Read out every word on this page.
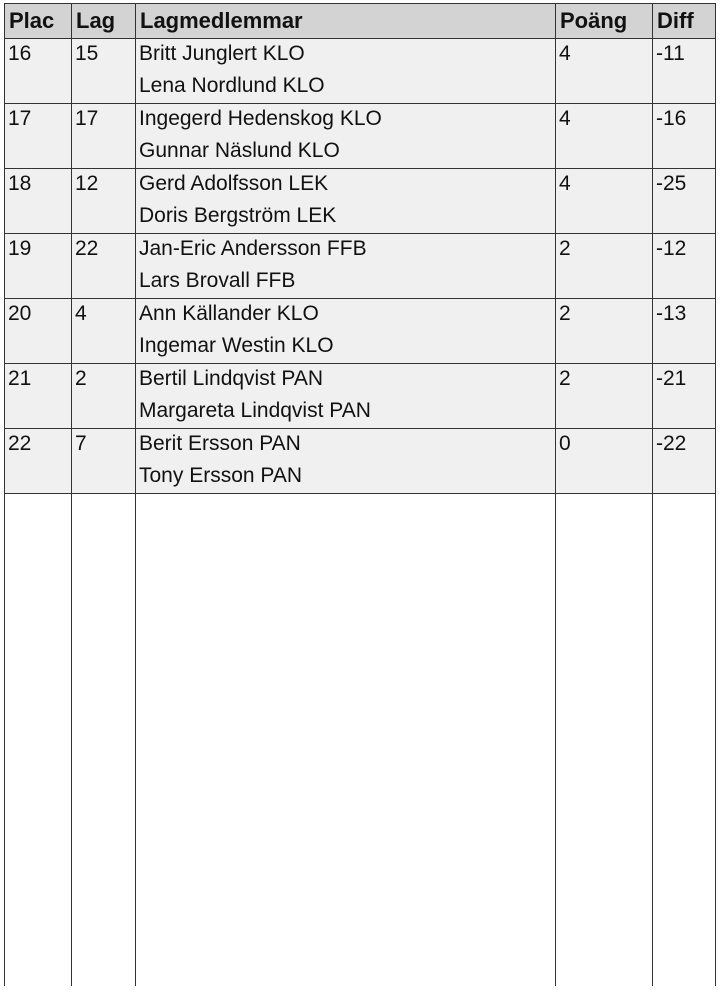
Plac	Lag	Lagmedlemmar	Poäng	Diff

16	15	Britt Junglert KLO
Lena Nordlund KLO	4	-11

17	17	Ingegerd Hedenskog KLO
Gunnar Näslund KLO	4	-16

18	12	Gerd Adolfsson LEK
Doris Bergström LEK	4	-25

19	22	Jan-Eric Andersson FFB
Lars Brovall FFB	2	-12

20	4	Ann Källander KLO
Ingemar Westin KLO	2	-13

21	2	Bertil Lindqvist PAN
Margareta Lindqvist PAN	2	-21

22	7	Berit Ersson PAN
Tony Ersson PAN	0	-22
